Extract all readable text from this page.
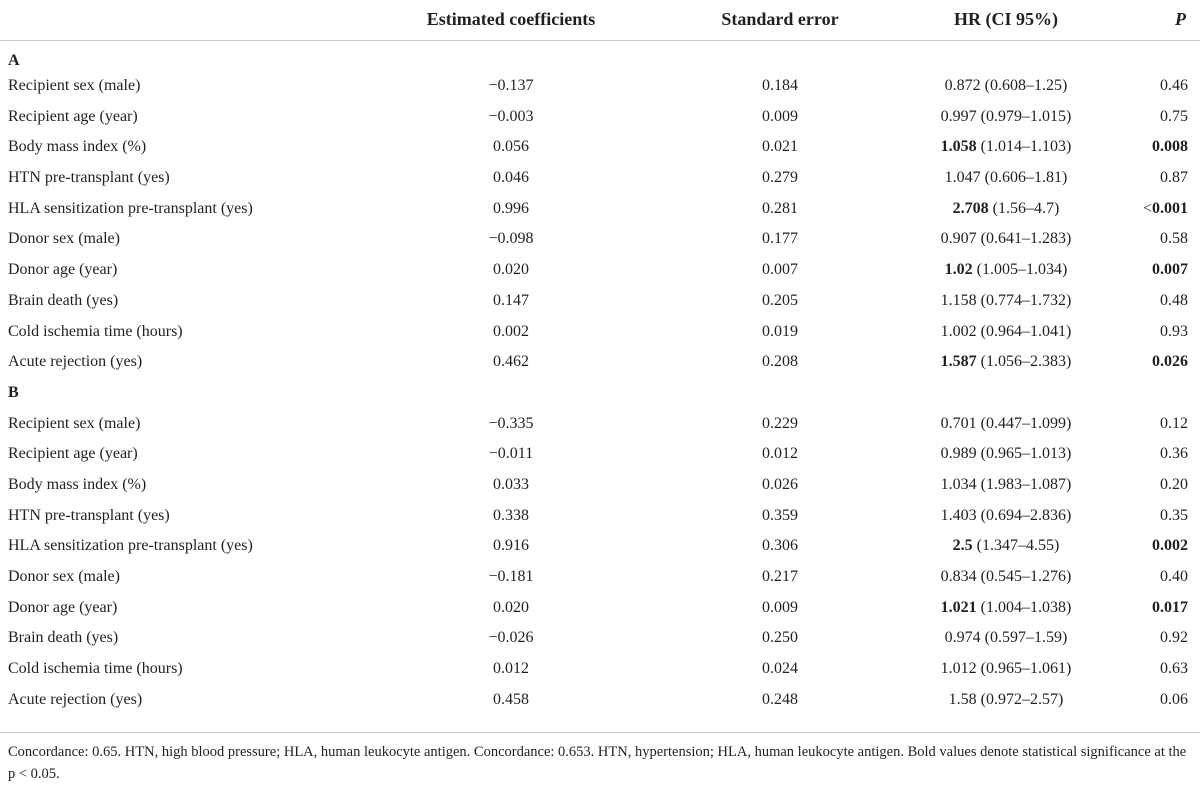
	Estimated coefficients	Standard error	HR (CI 95%)	P
A				
Recipient sex (male)	−0.137	0.184	0.872 (0.608–1.25)	0.46
Recipient age (year)	−0.003	0.009	0.997 (0.979–1.015)	0.75
Body mass index (%)	0.056	0.021	1.058 (1.014–1.103)	0.008
HTN pre-transplant (yes)	0.046	0.279	1.047 (0.606–1.81)	0.87
HLA sensitization pre-transplant (yes)	0.996	0.281	2.708 (1.56–4.7)	<0.001
Donor sex (male)	−0.098	0.177	0.907 (0.641–1.283)	0.58
Donor age (year)	0.020	0.007	1.02 (1.005–1.034)	0.007
Brain death (yes)	0.147	0.205	1.158 (0.774–1.732)	0.48
Cold ischemia time (hours)	0.002	0.019	1.002 (0.964–1.041)	0.93
Acute rejection (yes)	0.462	0.208	1.587 (1.056–2.383)	0.026
B				
Recipient sex (male)	−0.335	0.229	0.701 (0.447–1.099)	0.12
Recipient age (year)	−0.011	0.012	0.989 (0.965–1.013)	0.36
Body mass index (%)	0.033	0.026	1.034 (1.983–1.087)	0.20
HTN pre-transplant (yes)	0.338	0.359	1.403 (0.694–2.836)	0.35
HLA sensitization pre-transplant (yes)	0.916	0.306	2.5 (1.347–4.55)	0.002
Donor sex (male)	−0.181	0.217	0.834 (0.545–1.276)	0.40
Donor age (year)	0.020	0.009	1.021 (1.004–1.038)	0.017
Brain death (yes)	−0.026	0.250	0.974 (0.597–1.59)	0.92
Cold ischemia time (hours)	0.012	0.024	1.012 (0.965–1.061)	0.63
Acute rejection (yes)	0.458	0.248	1.58 (0.972–2.57)	0.06
Concordance: 0.65. HTN, high blood pressure; HLA, human leukocyte antigen. Concordance: 0.653. HTN, hypertension; HLA, human leukocyte antigen. Bold values denote statistical significance at the p < 0.05.
